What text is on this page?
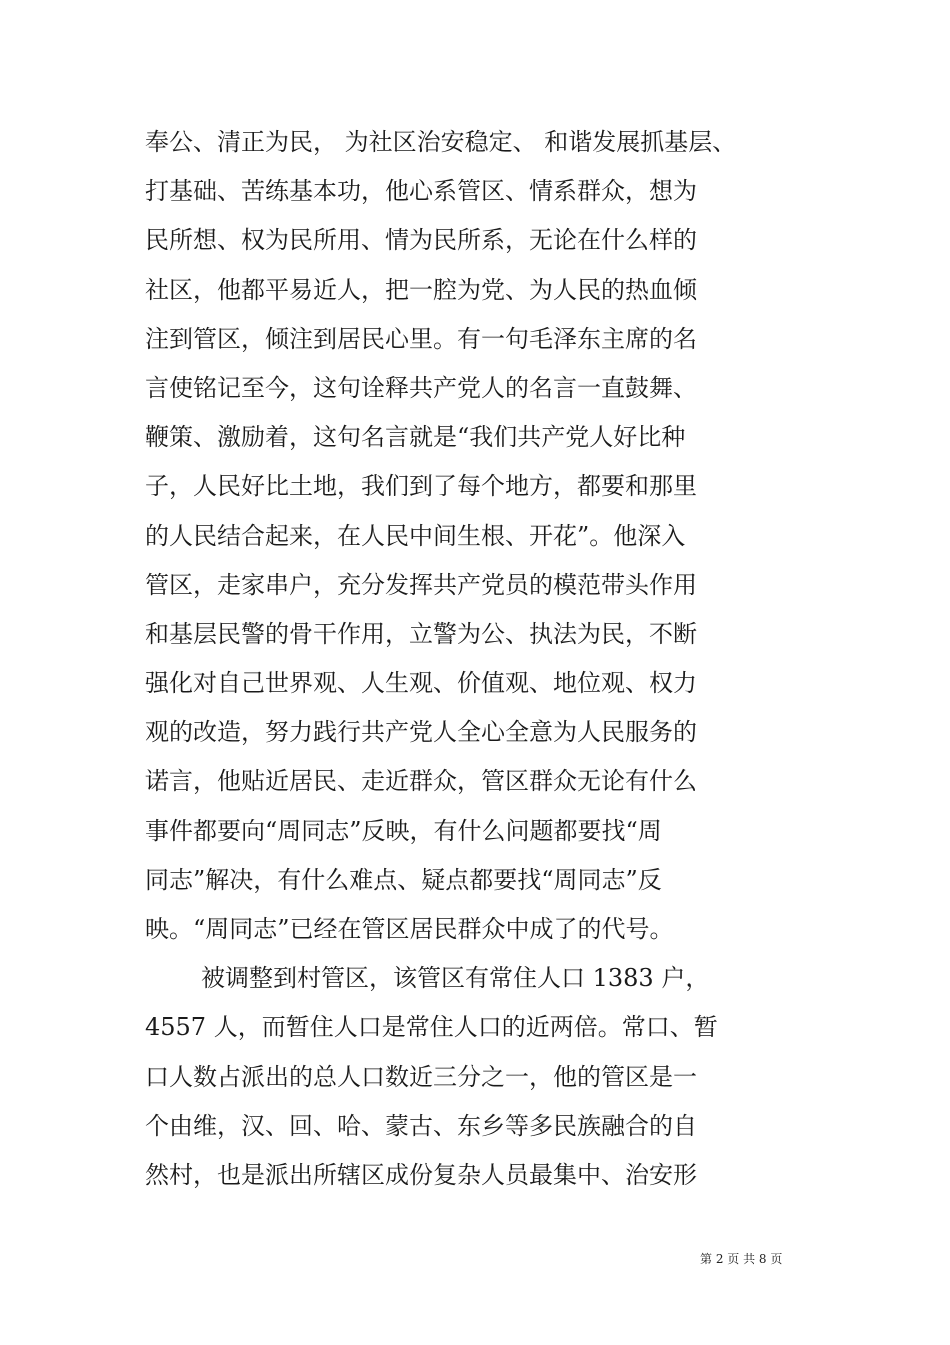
奉公、清正为民， 为社区治安稳定、 和谐发展抓基层、
打基础、苦练基本功，他心系管区、情系群众，想为
民所想、权为民所用、情为民所系，无论在什么样的
社区，他都平易近人，把一腔为党、为人民的热血倾
注到管区，倾注到居民心里。有一句毛泽东主席的名
言使铭记至今，这句诠释共产党人的名言一直鼓舞、
鞭策、激励着，这句名言就是“我们共产党人好比种
子，人民好比土地，我们到了每个地方，都要和那里
的人民结合起来，在人民中间生根、开花”。他深入
管区，走家串户，充分发挥共产党员的模范带头作用
和基层民警的骨干作用，立警为公、执法为民，不断
强化对自己世界观、人生观、价值观、地位观、权力
观的改造，努力践行共产党人全心全意为人民服务的
诺言，他贴近居民、走近群众，管区群众无论有什么
事件都要向“周同志”反映，有什么问题都要找“周
同志”解决，有什么难点、疑点都要找“周同志”反
映。“周同志”已经在管区居民群众中成了的代号。
被调整到村管区，该管区有常住人口 1383 户，
4557 人，而暂住人口是常住人口的近两倍。常口、暂
口人数占派出的总人口数近三分之一，他的管区是一
个由维，汉、回、哈、蒙古、东乡等多民族融合的自
然村，也是派出所辖区成份复杂人员最集中、治安形
第 2 页 共 8 页
